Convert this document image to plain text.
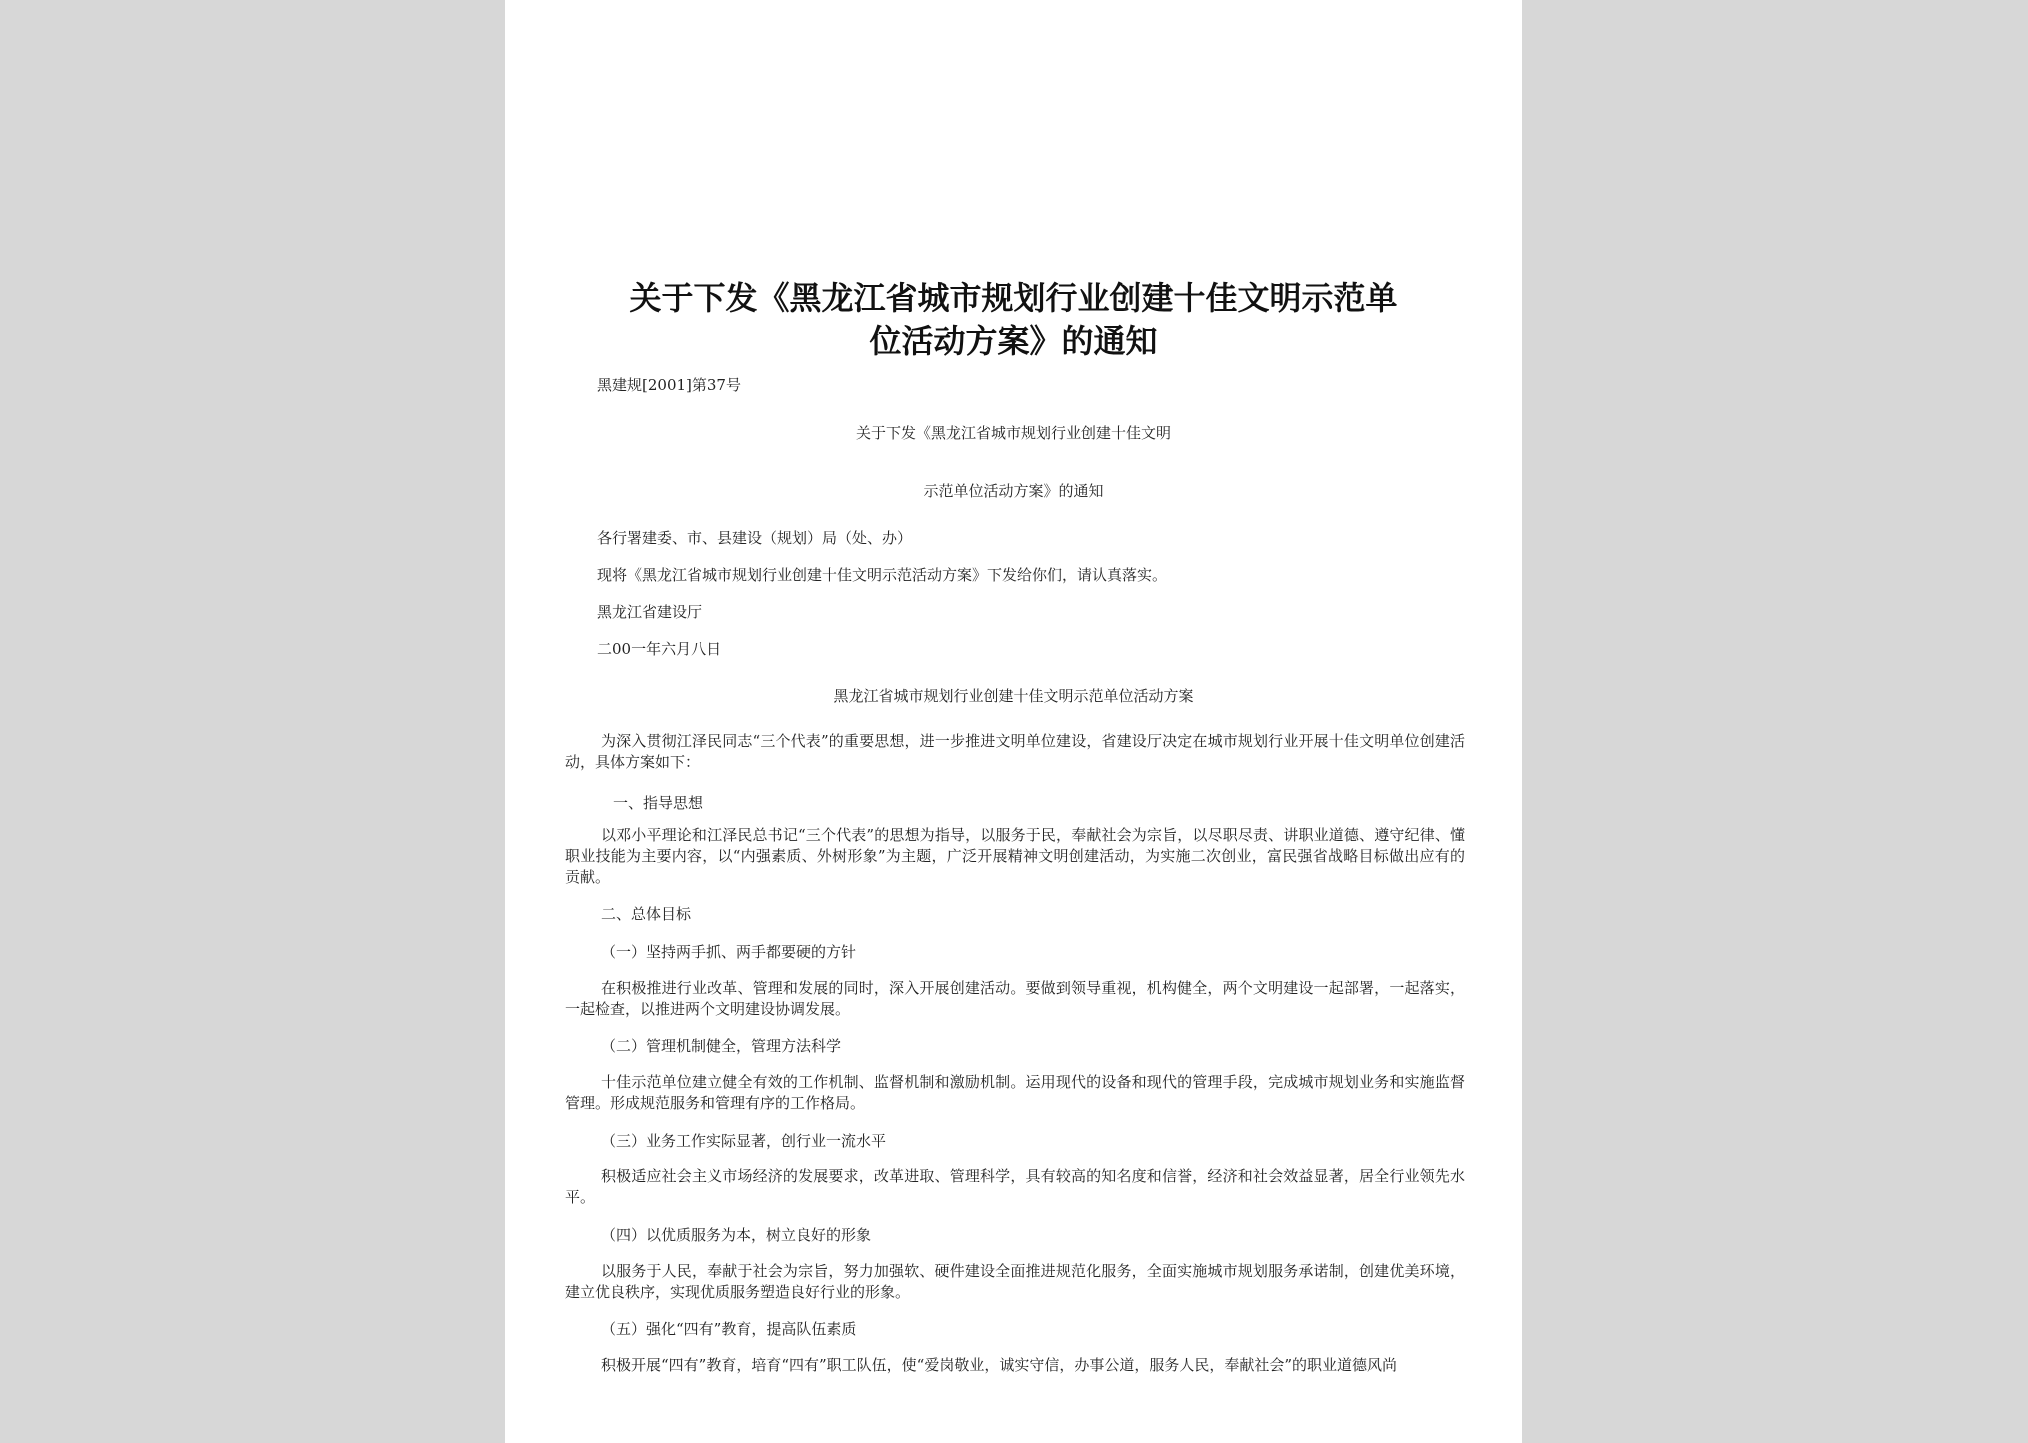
关于下发《黑龙江省城市规划行业创建十佳文明示范单
位活动方案》的通知
黑建规[2001]第37号
关于下发《黑龙江省城市规划行业创建十佳文明
示范单位活动方案》的通知
各行署建委、市、县建设（规划）局（处、办）
现将《黑龙江省城市规划行业创建十佳文明示范活动方案》下发给你们，请认真落实。
黑龙江省建设厅
二00一年六月八日
黑龙江省城市规划行业创建十佳文明示范单位活动方案
为深入贯彻江泽民同志“三个代表”的重要思想，进一步推进文明单位建设，省建设厅决定在城市规划行业开展十佳文明单位创建活动，具体方案如下：
一、指导思想
以邓小平理论和江泽民总书记“三个代表”的思想为指导，以服务于民，奉献社会为宗旨，以尽职尽责、讲职业道德、遵守纪律、懂职业技能为主要内容，以“内强素质、外树形象”为主题，广泛开展精神文明创建活动，为实施二次创业，富民强省战略目标做出应有的贡献。
二、总体目标
（一）坚持两手抓、两手都要硬的方针
在积极推进行业改革、管理和发展的同时，深入开展创建活动。要做到领导重视，机构健全，两个文明建设一起部署，一起落实，一起检查，以推进两个文明建设协调发展。
（二）管理机制健全，管理方法科学
十佳示范单位建立健全有效的工作机制、监督机制和激励机制。运用现代的设备和现代的管理手段，完成城市规划业务和实施监督管理。形成规范服务和管理有序的工作格局。
（三）业务工作实际显著，创行业一流水平
积极适应社会主义市场经济的发展要求，改革进取、管理科学，具有较高的知名度和信誉，经济和社会效益显著，居全行业领先水平。
（四）以优质服务为本，树立良好的形象
以服务于人民，奉献于社会为宗旨，努力加强软、硬件建设全面推进规范化服务，全面实施城市规划服务承诺制，创建优美环境，建立优良秩序，实现优质服务塑造良好行业的形象。
（五）强化“四有”教育，提高队伍素质
积极开展“四有”教育，培育“四有”职工队伍，使“爱岗敬业，诚实守信，办事公道，服务人民，奉献社会”的职业道德风尚
